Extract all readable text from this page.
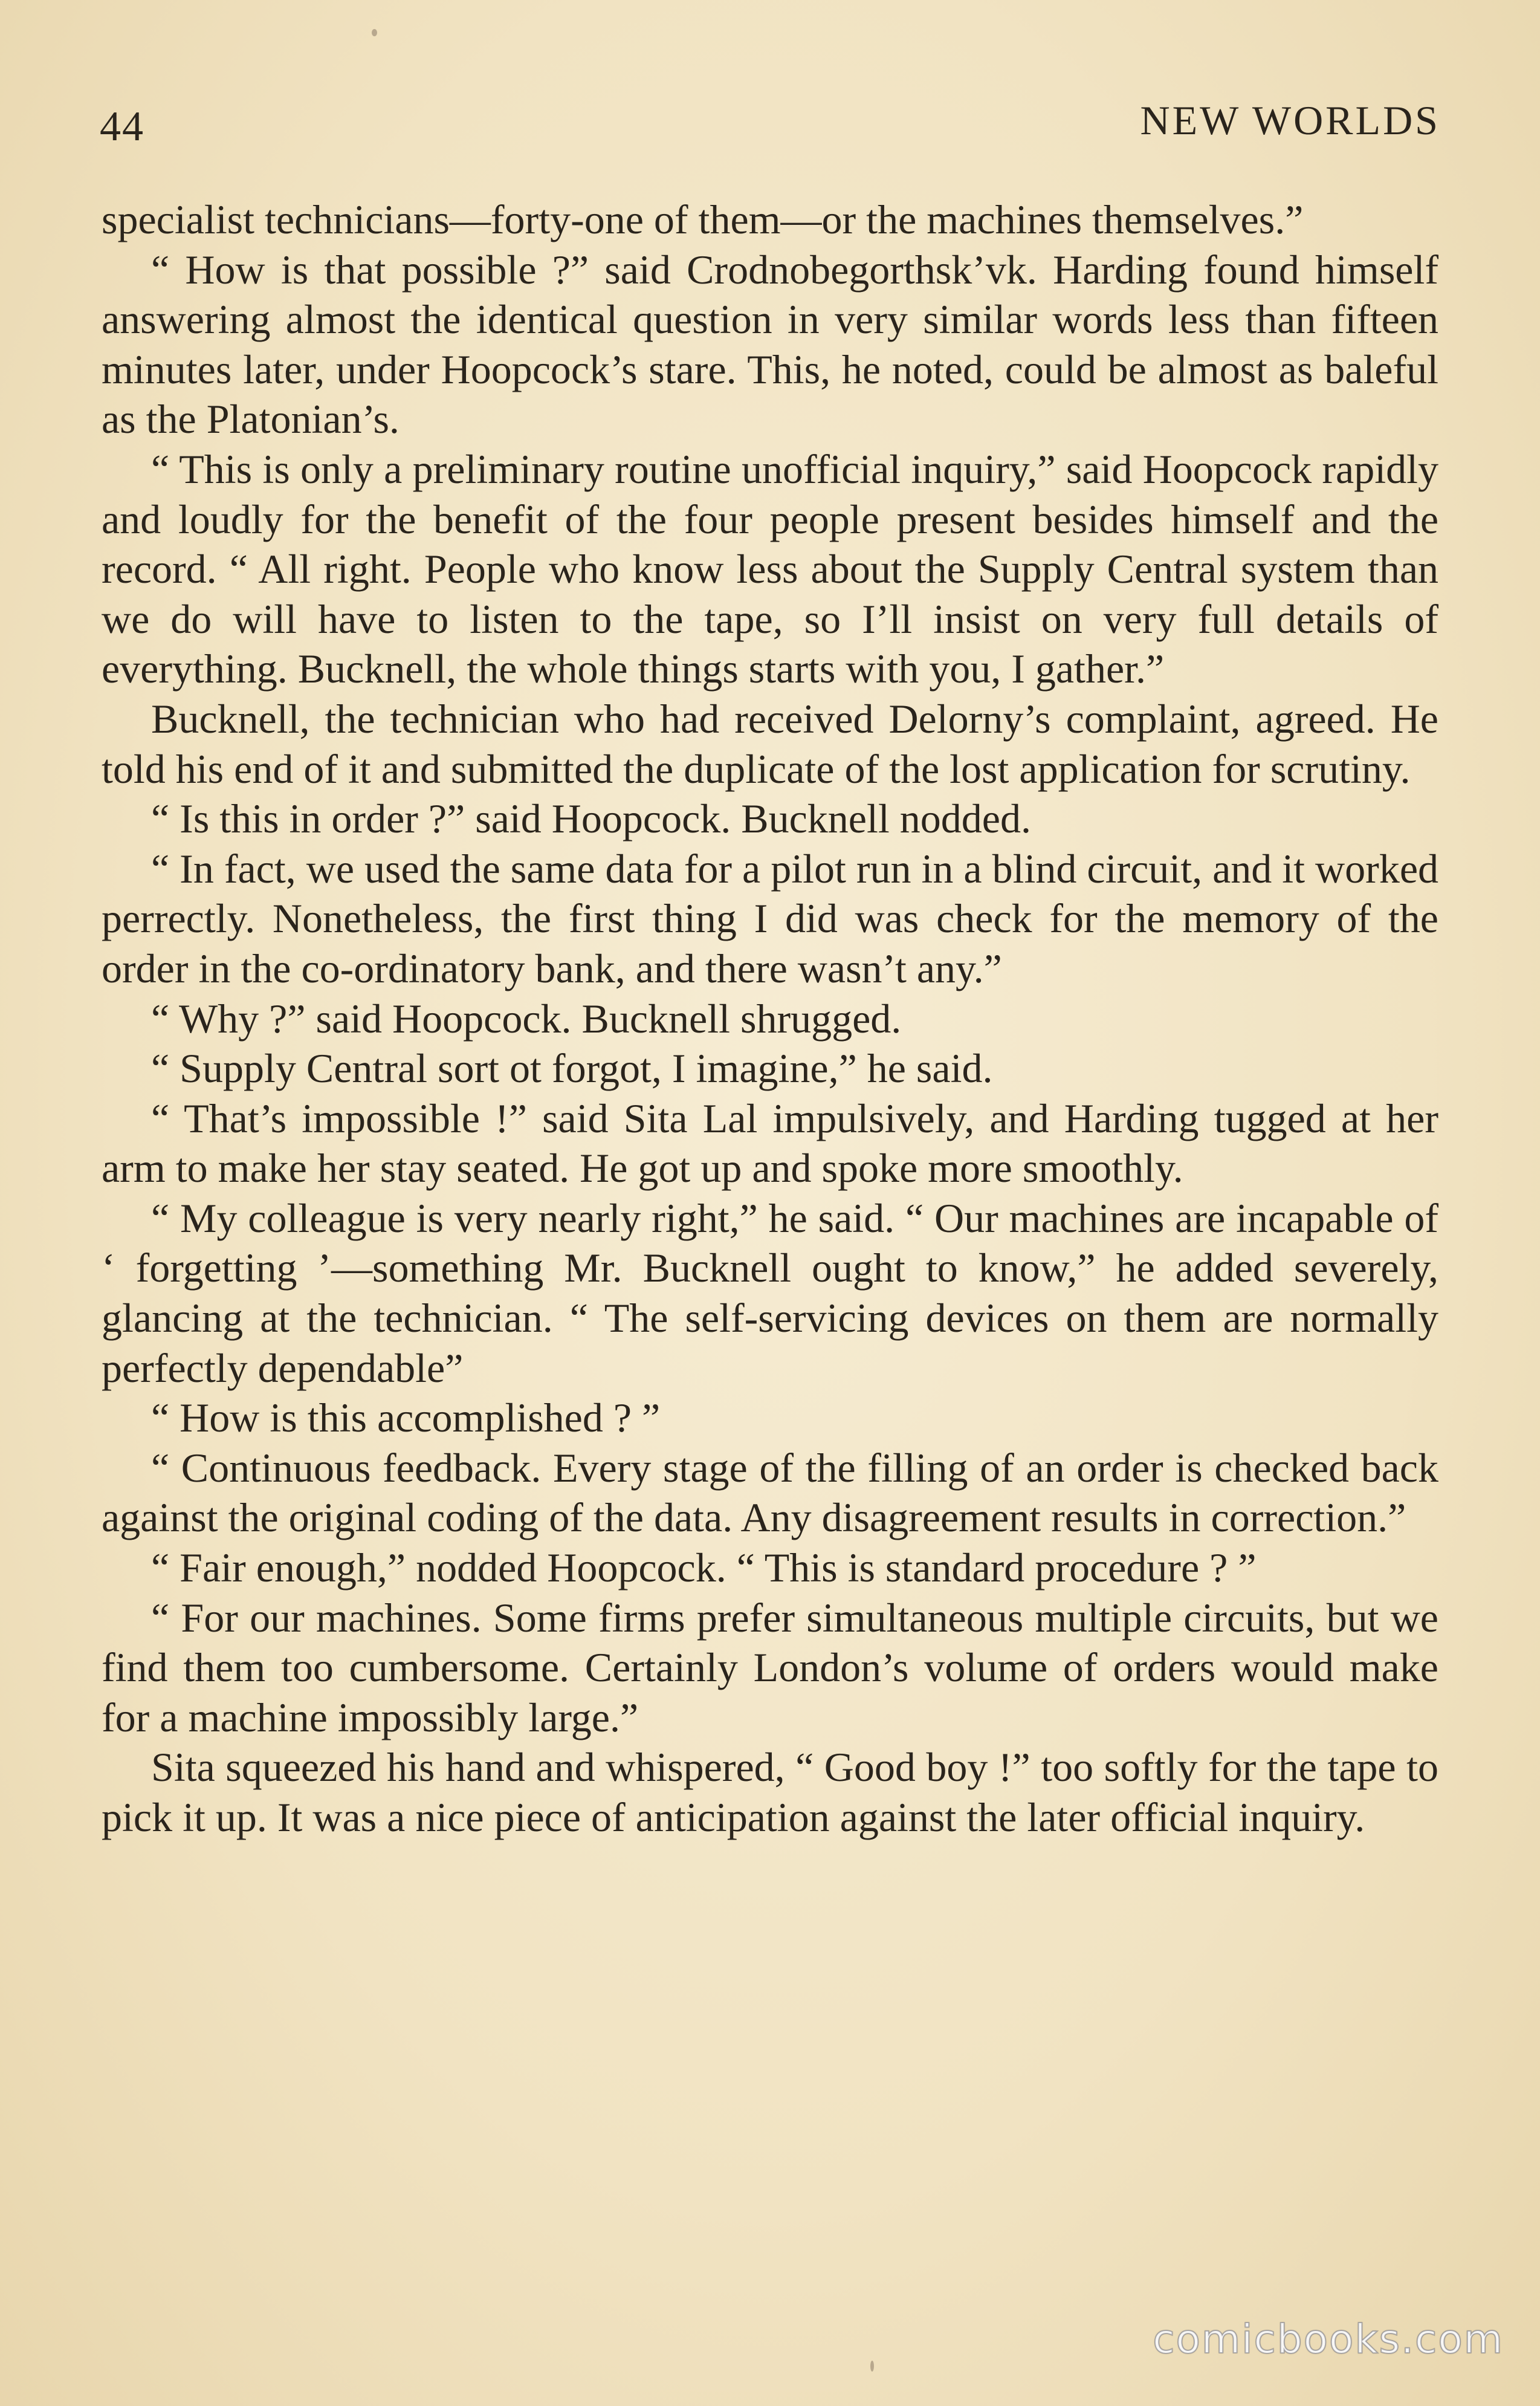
44	NEW WORLDS

specialist technicians—forty-one of them—or the machines themselves.”

“ How is that possible ?” said Crodnobegorthsk’vk. Harding found himself answering almost the identical question in very similar words less than fifteen minutes later, under Hoopcock’s stare. This, he noted, could be almost as baleful as the Platonian’s.

“ This is only a preliminary routine unofficial inquiry,” said Hoopcock rapidly and loudly for the benefit of the four people present besides himself and the record. “ All right. People who know less about the Supply Central system than we do will have to listen to the tape, so I’ll insist on very full details of everything. Bucknell, the whole things starts with you, I gather.”

Bucknell, the technician who had received Delorny’s complaint, agreed. He told his end of it and submitted the duplicate of the lost application for scrutiny.

“ Is this in order ?” said Hoopcock. Bucknell nodded.

“ In fact, we used the same data for a pilot run in a blind circuit, and it worked perrectly. Nonetheless, the first thing I did was check for the memory of the order in the co-ordinatory bank, and there wasn’t any.”

“ Why ?” said Hoopcock. Bucknell shrugged.

“ Supply Central sort ot forgot, I imagine,” he said.

“ That’s impossible !” said Sita Lal impulsively, and Harding tugged at her arm to make her stay seated. He got up and spoke more smoothly.

“ My colleague is very nearly right,” he said. “ Our machines are incapable of ‘ forgetting ’—something Mr. Bucknell ought to know,” he added severely, glancing at the technician. “ The self-servicing devices on them are normally perfectly dependable”

“ How is this accomplished ? ”

“ Continuous feedback. Every stage of the filling of an order is checked back against the original coding of the data. Any disagreement results in correction.”

“ Fair enough,” nodded Hoopcock. “ This is standard procedure ? ”

“ For our machines. Some firms prefer simultaneous multiple circuits, but we find them too cumbersome. Certainly London’s volume of orders would make for a machine impossibly large.”

Sita squeezed his hand and whispered, “ Good boy !” too softly for the tape to pick it up. It was a nice piece of anticipation against the later official inquiry.

comicbooks.com
